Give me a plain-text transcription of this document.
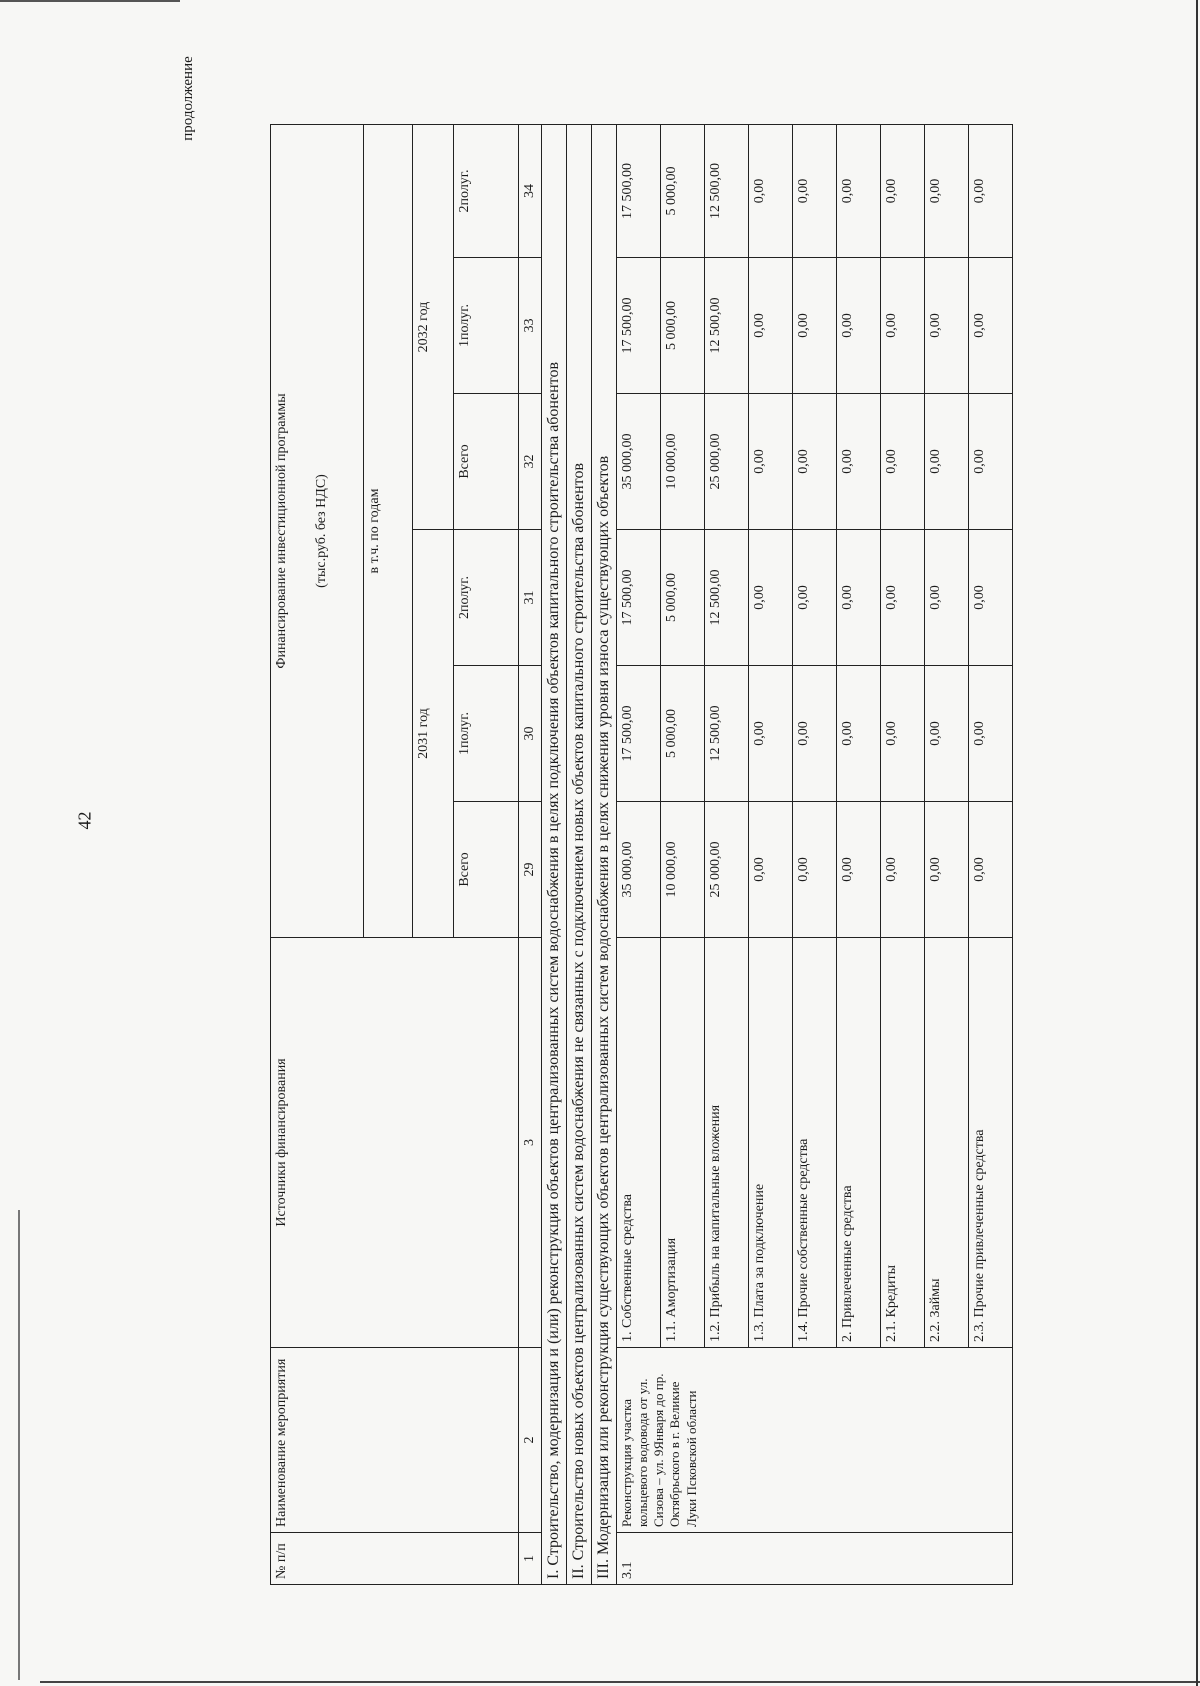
42
продолжение
№ п/п	Наименование мероприятия	Источники финансирования	Финансирование инвестиционной программы (тыс.руб. без НДС)					

			в т.ч. по годам					
			2031 год			2032 год		
			Всего	1полуг.	2полуг.	Всего	1полуг.	2полуг.
1	2	3	29	30	31	32	33	34
I. Строительство, модернизация и (или) реконструкция объектов централизованных систем водоснабжения в целях подключения объектов капитального строительства абонентов								
II. Строительство новых объектов централизованных систем водоснабжения не связанных с подключением новых объектов капитального строительства абонентов								
III. Модернизация или реконструкция существующих объектов централизованных систем водоснабжения в целях снижения уровня износа существующих объектов								
3.1	Реконструкция участка кольцевого водовода от ул. Сизова – ул. 9Января до пр. Октябрьского в г. Великие Луки Псковской области	1. Собственные средства	35 000,00	17 500,00	17 500,00	35 000,00	17 500,00	17 500,00
		1.1. Амортизация	10 000,00	5 000,00	5 000,00	10 000,00	5 000,00	5 000,00
		1.2. Прибыль на капитальные вложения	25 000,00	12 500,00	12 500,00	25 000,00	12 500,00	12 500,00
		1.3. Плата за подключение	0,00	0,00	0,00	0,00	0,00	0,00
		1.4. Прочие собственные средства	0,00	0,00	0,00	0,00	0,00	0,00
		2. Привлеченные средства	0,00	0,00	0,00	0,00	0,00	0,00
		2.1. Кредиты	0,00	0,00	0,00	0,00	0,00	0,00
		2.2. Займы	0,00	0,00	0,00	0,00	0,00	0,00
		2.3. Прочие привлеченные средства	0,00	0,00	0,00	0,00	0,00	0,00
